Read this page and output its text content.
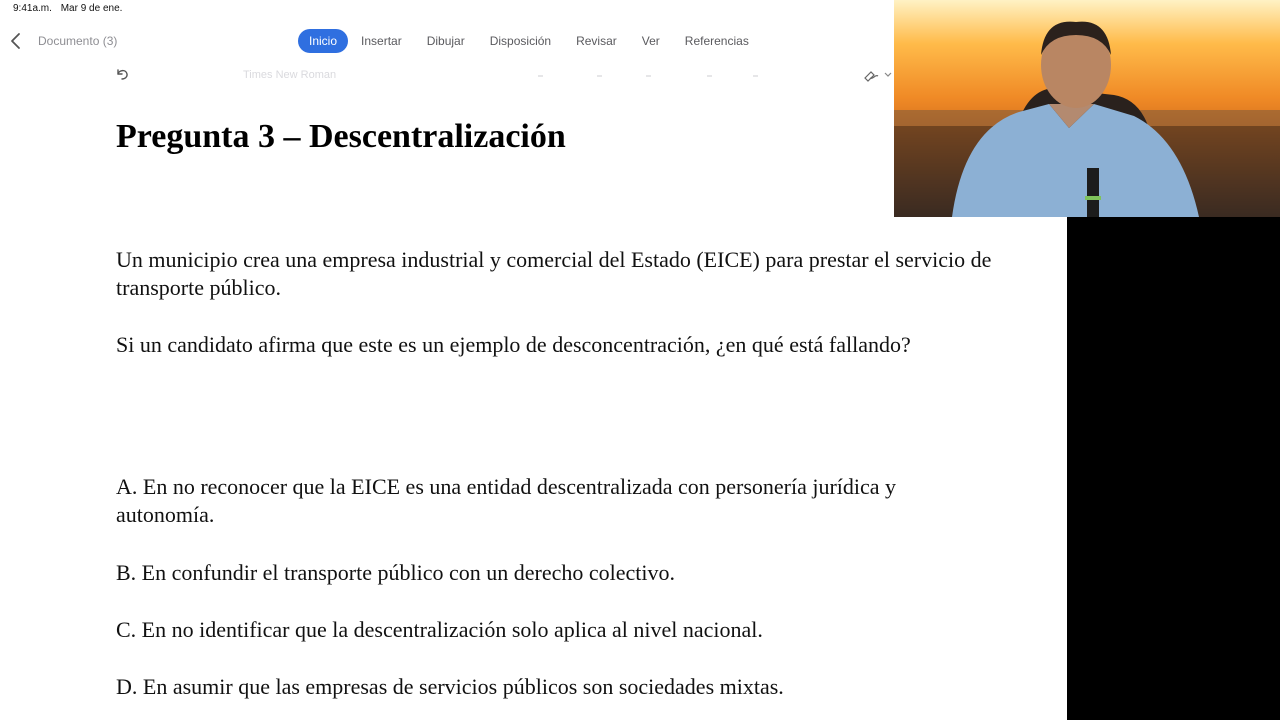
9:41a.m. Mar 9 de ene.
Documento (3)	Inicio	Insertar Dibujar Disposición Revisar Ver Referencias
Times New Roman
Pregunta 3 – Descentralización

Un municipio crea una empresa industrial y comercial del Estado (EICE) para prestar el servicio de transporte público.

Si un candidato afirma que este es un ejemplo de desconcentración, ¿en qué está fallando?

A. En no reconocer que la EICE es una entidad descentralizada con personería jurídica y autonomía.

B. En confundir el transporte público con un derecho colectivo.

C. En no identificar que la descentralización solo aplica al nivel nacional.

D. En asumir que las empresas de servicios públicos son sociedades mixtas.
